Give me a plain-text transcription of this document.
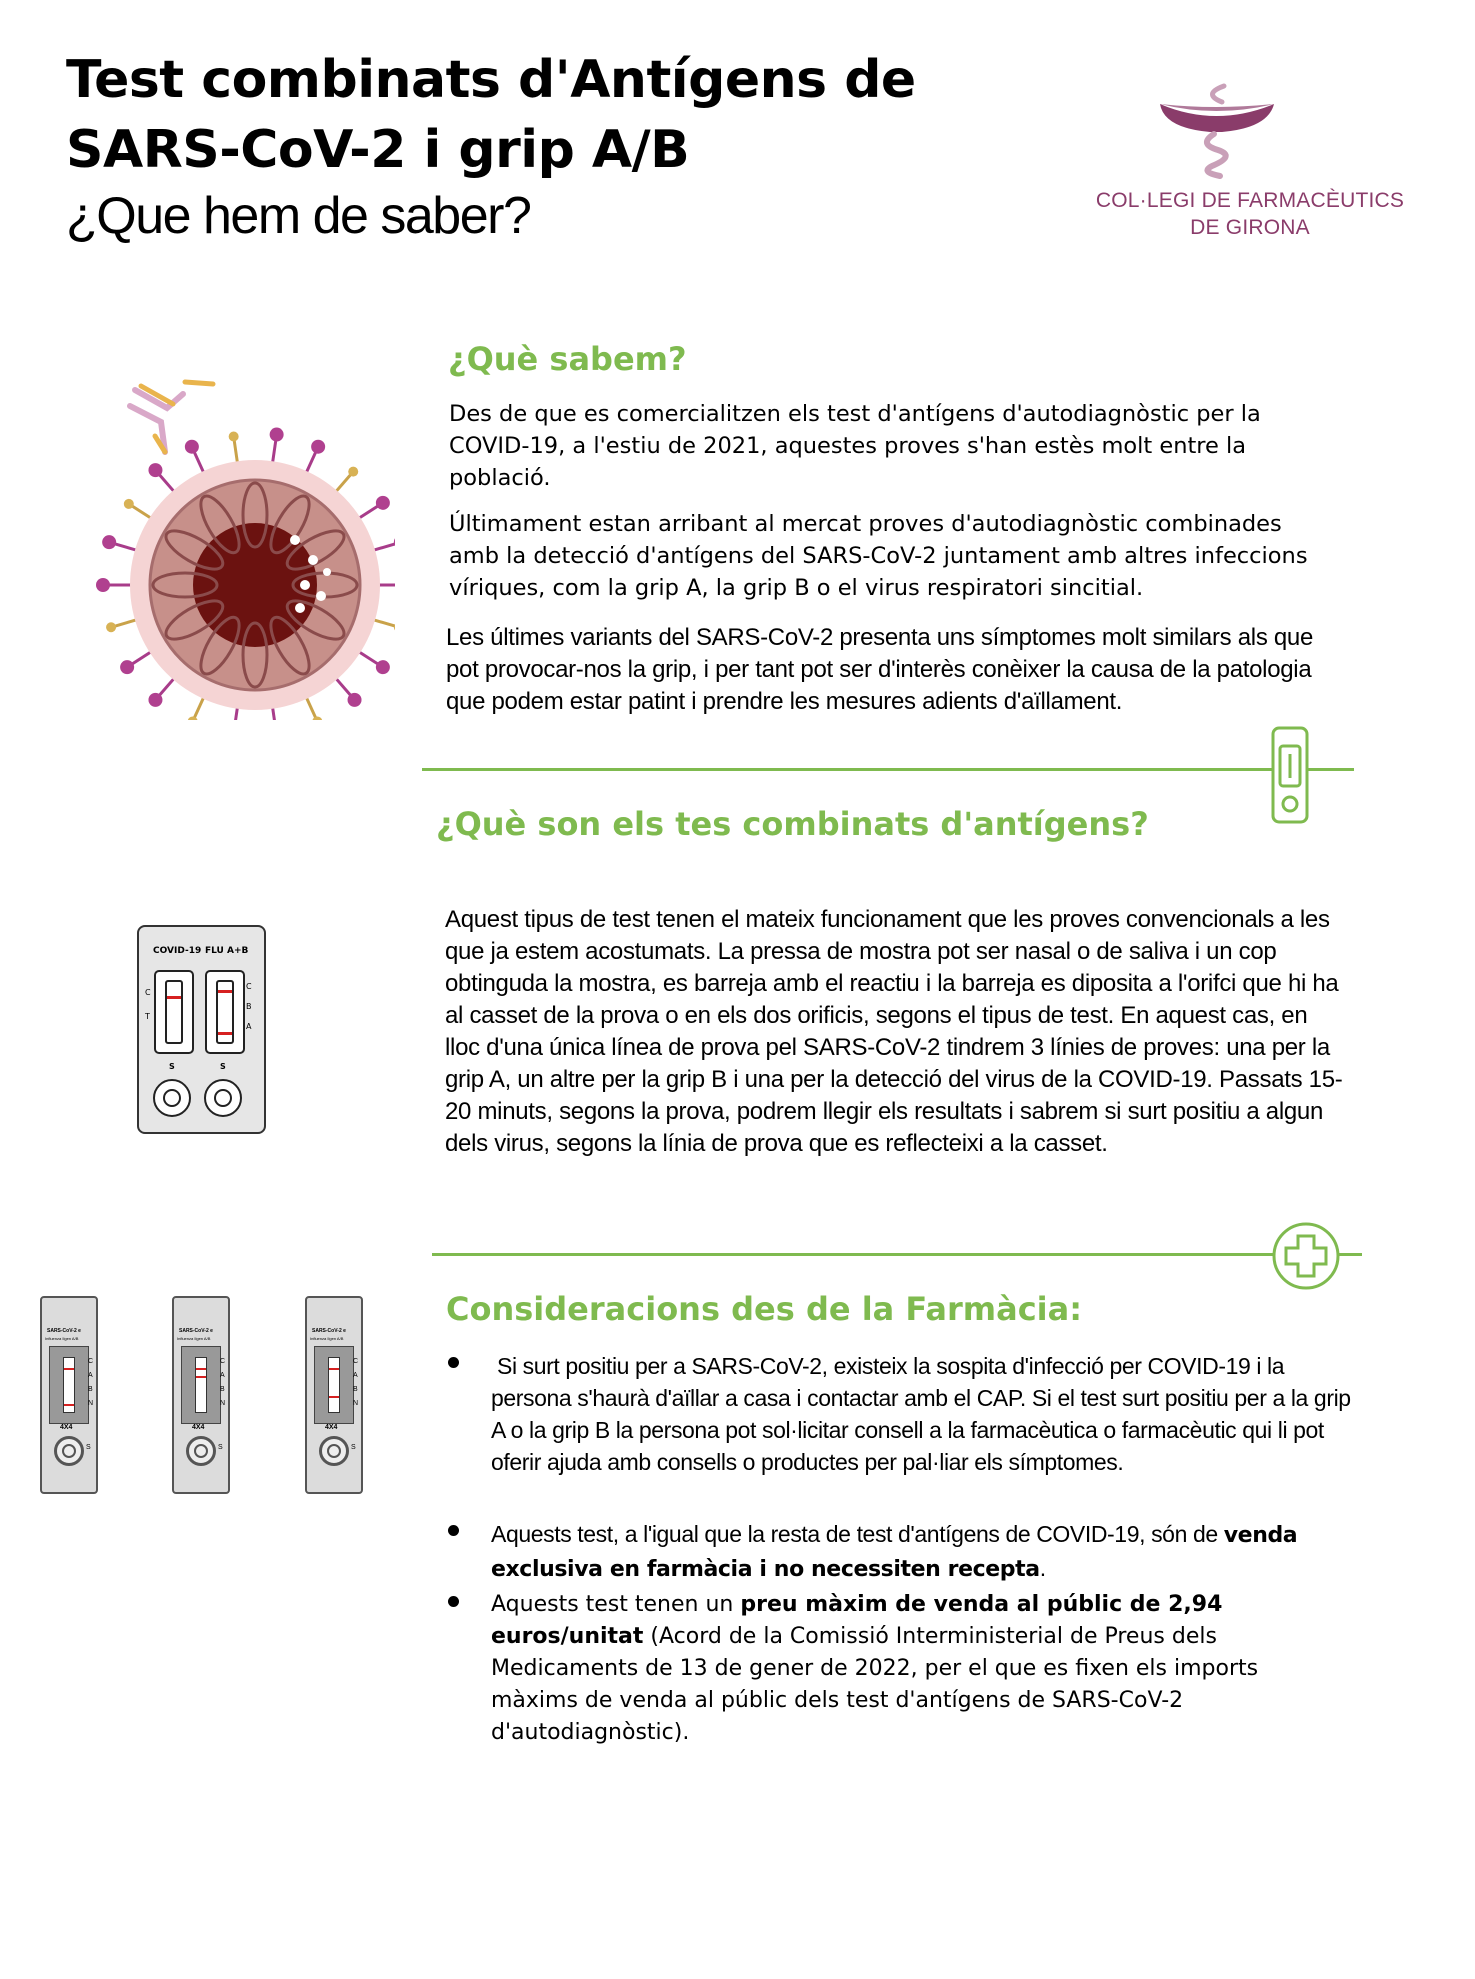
Test combinats d'Antígens de
SARS-CoV-2 i grip A/B
¿Que hem de saber?	COL·LEGI DE FARMACÈUTICS
DE GIRONA
¿Què sabem?
Des de que es comercialitzen els test d'antígens d'autodiagnòstic per la COVID-19, a l'estiu de 2021, aquestes proves s'han estès molt entre la població.
Últimament estan arribant al mercat proves d'autodiagnòstic combinades amb la detecció d'antígens del SARS-CoV-2 juntament amb altres infeccions víriques, com la grip A, la grip B o el virus respiratori sincitial.
Les últimes variants del SARS-CoV-2 presenta uns símptomes molt similars als que pot provocar-nos la grip, i per tant pot ser d'interès conèixer la causa de la patologia que podem estar patint i prendre les mesures adients d'aïllament.
¿Què son els tes combinats d'antígens?
COVID-19 FLU A+B
C
T
C
B
A
S	S
Aquest tipus de test tenen el mateix funcionament que les proves convencionals a les que ja estem acostumats. La pressa de mostra pot ser nasal o de saliva i un cop obtinguda la mostra, es barreja amb el reactiu i la barreja es diposita a l'orifci que hi ha al casset de la prova o en els dos orificis, segons el tipus de test. En aquest cas, en lloc d'una única línea de prova pel SARS-CoV-2 tindrem 3 línies de proves: una per la grip A, un altre per la grip B i una per la detecció del virus de la COVID-19. Passats 15-20 minuts, segons la prova, podrem llegir els resultats i sabrem si surt positiu a algun dels virus, segons la línia de prova que es reflecteixi a la casset.
SARS-CoV-2 e
Influenza Ilgen A/B
C
A
B
N
4X4
S
SARS-CoV-2 e
Influenza Ilgen A/B
C
A
B
N
4X4
S
SARS-CoV-2 e
Influenza Ilgen A/B
C
A
B
N
4X4
S
Consideracions des de la Farmàcia:
Si surt positiu per a SARS-CoV-2, existeix la sospita d'infecció per COVID-19 i la persona s'haurà d'aïllar a casa i contactar amb el CAP. Si el test surt positiu per a la grip A o la grip B la persona pot sol·licitar consell a la farmacèutica o farmacèutic qui li pot oferir ajuda amb consells o productes per pal·liar els símptomes.
Aquests test, a l'igual que la resta de test d'antígens de COVID-19, són de venda exclusiva en farmàcia i no necessiten recepta.
Aquests test tenen un preu màxim de venda al públic de 2,94 euros/unitat (Acord de la Comissió Interministerial de Preus dels Medicaments de 13 de gener de 2022, per el que es fixen els imports màxims de venda al públic dels test d'antígens de SARS-CoV-2 d'autodiagnòstic).
